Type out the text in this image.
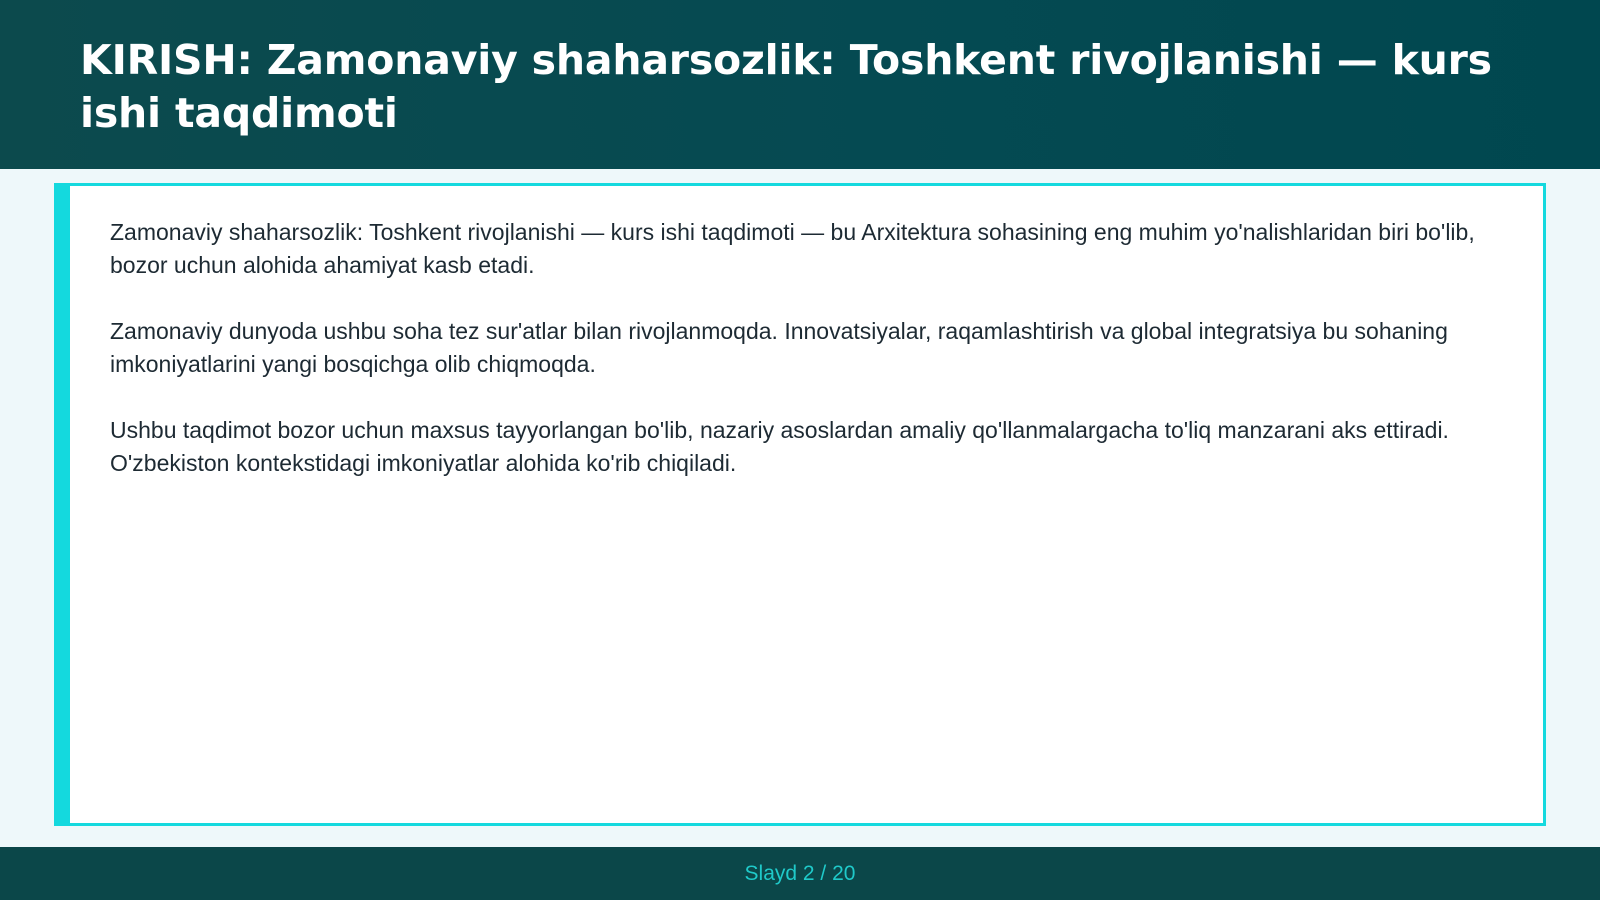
KIRISH: Zamonaviy shaharsozlik: Toshkent rivojlanishi — kurs ishi taqdimoti

Zamonaviy shaharsozlik: Toshkent rivojlanishi — kurs ishi taqdimoti — bu Arxitektura sohasining eng muhim yo'nalishlaridan biri bo'lib, bozor uchun alohida ahamiyat kasb etadi.

Zamonaviy dunyoda ushbu soha tez sur'atlar bilan rivojlanmoqda. Innovatsiyalar, raqamlashtirish va global integratsiya bu sohaning imkoniyatlarini yangi bosqichga olib chiqmoqda.

Ushbu taqdimot bozor uchun maxsus tayyorlangan bo'lib, nazariy asoslardan amaliy qo'llanmalargacha to'liq manzarani aks ettiradi. O'zbekiston kontekstidagi imkoniyatlar alohida ko'rib chiqiladi.

Slayd 2 / 20
